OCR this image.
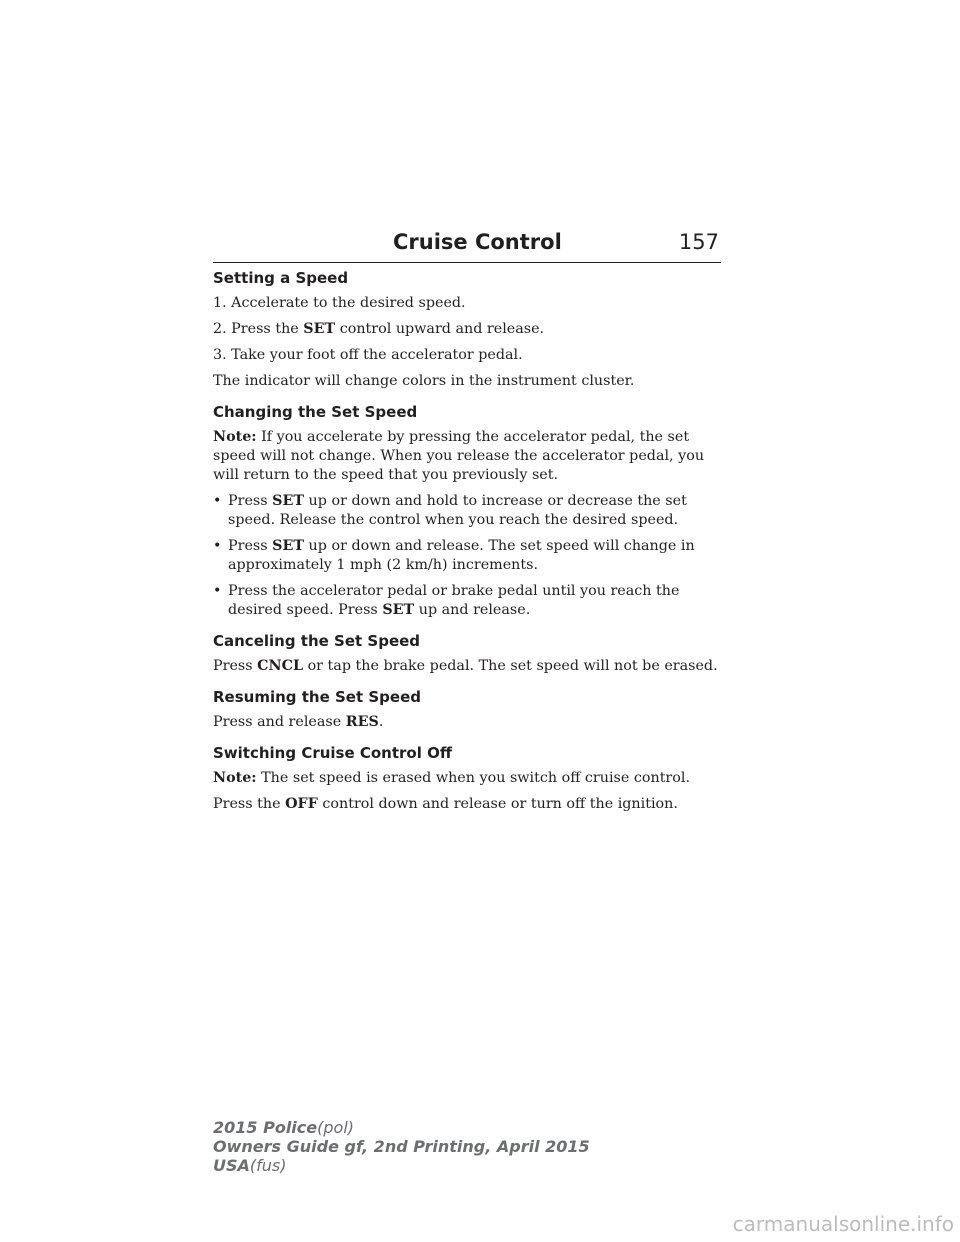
Cruise Control	157
Setting a Speed
1. Accelerate to the desired speed.
2. Press the SET control upward and release.
3. Take your foot off the accelerator pedal.
The indicator will change colors in the instrument cluster.
Changing the Set Speed
Note: If you accelerate by pressing the accelerator pedal, the set speed will not change. When you release the accelerator pedal, you will return to the speed that you previously set.
• Press SET up or down and hold to increase or decrease the set speed. Release the control when you reach the desired speed.
• Press SET up or down and release. The set speed will change in approximately 1 mph (2 km/h) increments.
• Press the accelerator pedal or brake pedal until you reach the desired speed. Press SET up and release.
Canceling the Set Speed
Press CNCL or tap the brake pedal. The set speed will not be erased.
Resuming the Set Speed
Press and release RES.
Switching Cruise Control Off
Note: The set speed is erased when you switch off cruise control.
Press the OFF control down and release or turn off the ignition.
2015 Police(pol)
Owners Guide gf, 2nd Printing, April 2015
USA(fus)
carmanualsonline.info
